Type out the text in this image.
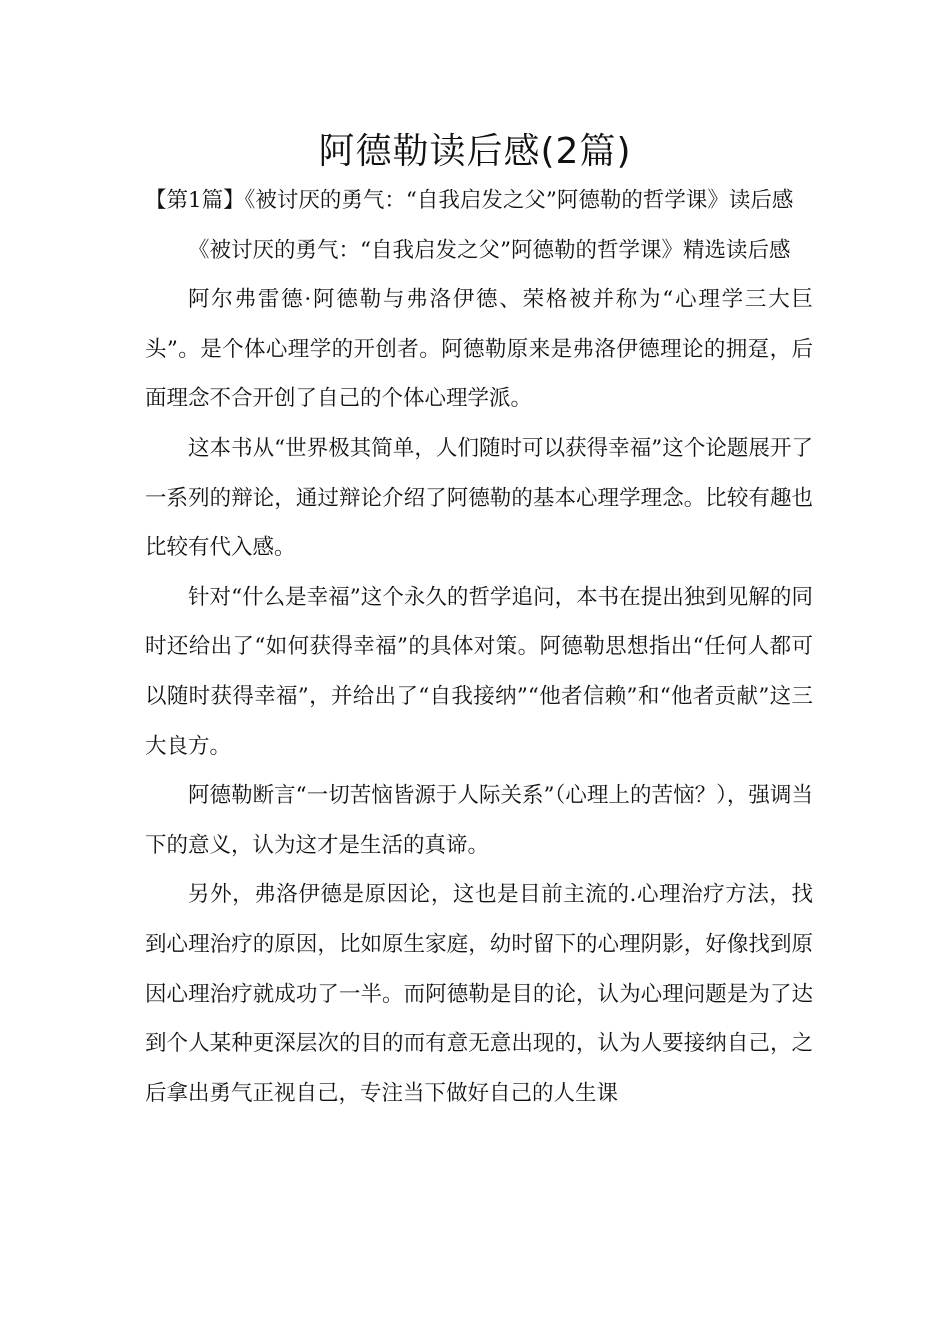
阿德勒读后感(2篇)

【第1篇】《被讨厌的勇气：“自我启发之父”阿德勒的哲学课》读后感

《被讨厌的勇气：“自我启发之父”阿德勒的哲学课》精选读后感

阿尔弗雷德·阿德勒与弗洛伊德、荣格被并称为“心理学三大巨头”。是个体心理学的开创者。阿德勒原来是弗洛伊德理论的拥趸，后面理念不合开创了自己的个体心理学派。

这本书从“世界极其简单，人们随时可以获得幸福”这个论题展开了一系列的辩论，通过辩论介绍了阿德勒的基本心理学理念。比较有趣也比较有代入感。

针对“什么是幸福”这个永久的哲学追问，本书在提出独到见解的同时还给出了“如何获得幸福”的具体对策。阿德勒思想指出“任何人都可以随时获得幸福”，并给出了“自我接纳”“他者信赖”和“他者贡献”这三大良方。

阿德勒断言“一切苦恼皆源于人际关系”（心理上的苦恼？），强调当下的意义，认为这才是生活的真谛。

另外，弗洛伊德是原因论，这也是目前主流的.心理治疗方法，找到心理治疗的原因，比如原生家庭，幼时留下的心理阴影，好像找到原因心理治疗就成功了一半。而阿德勒是目的论，认为心理问题是为了达到个人某种更深层次的目的而有意无意出现的，认为人要接纳自己，之后拿出勇气正视自己，专注当下做好自己的人生课
